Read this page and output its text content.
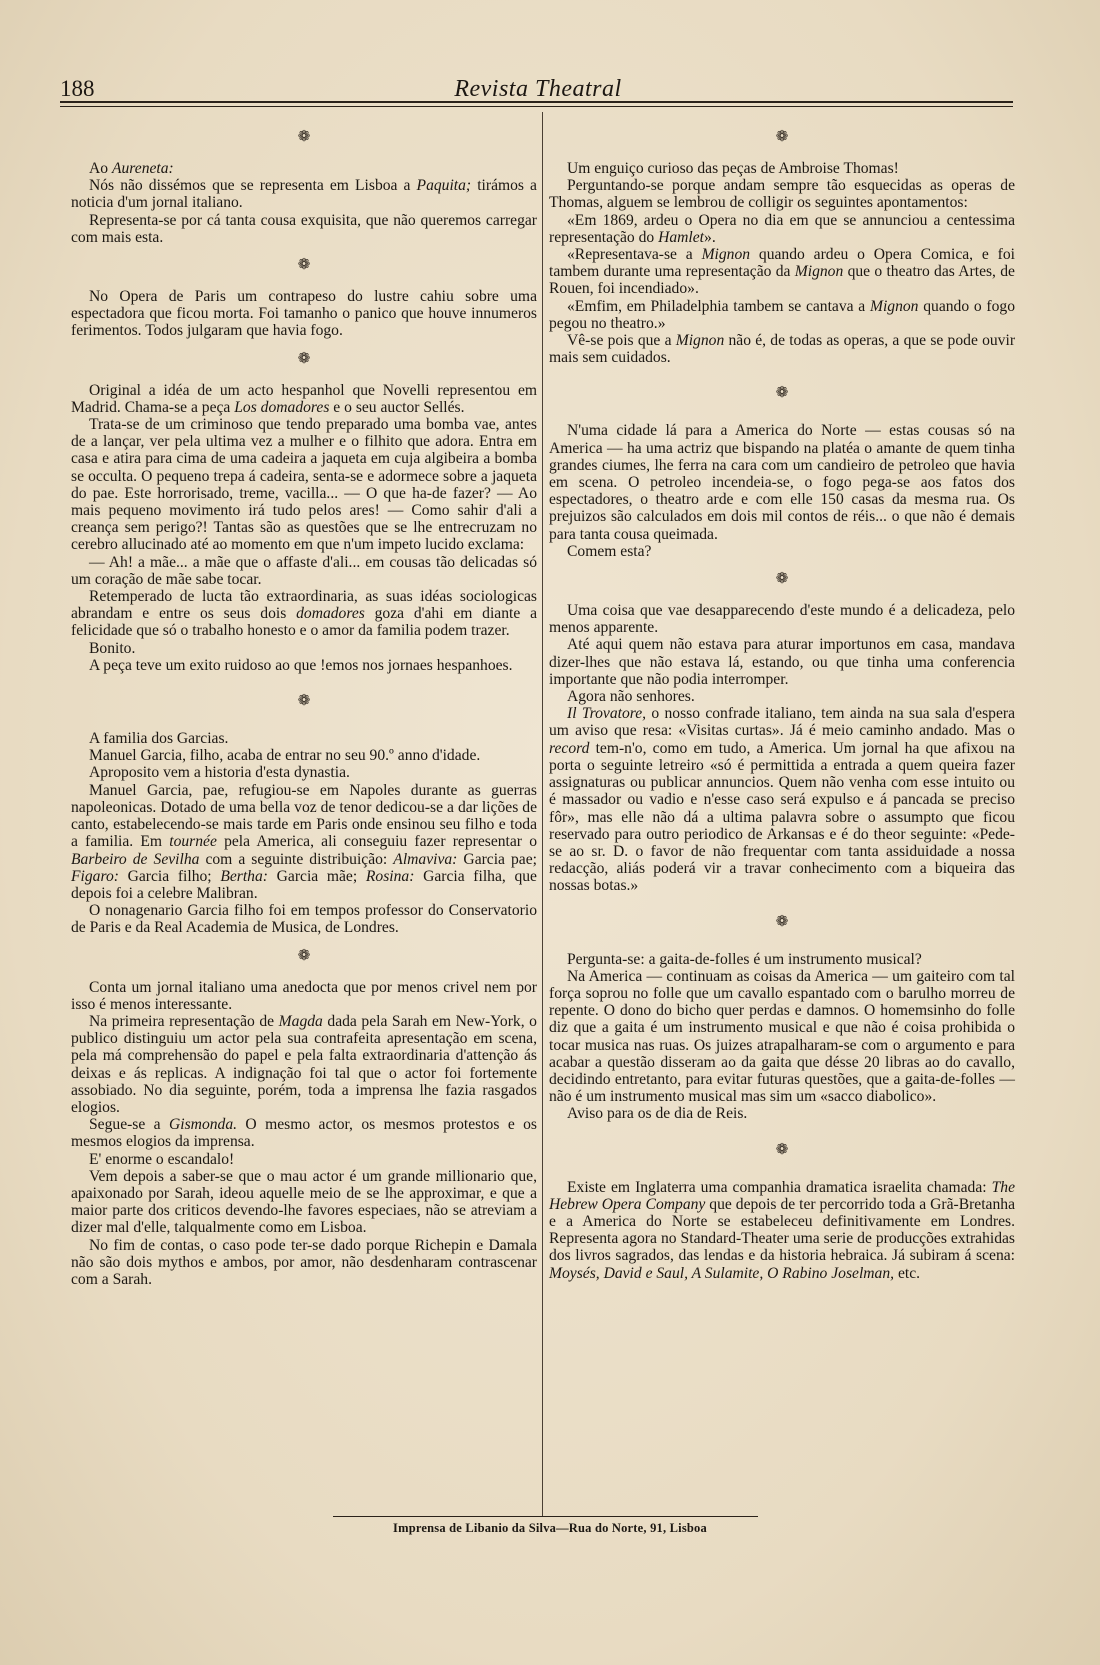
188	Revista Theatral
❁

Ao Aureneta:

Nós não dissémos que se representa em Lisboa a Paquita; tirámos a noticia d'um jornal italiano.

Representa-se por cá tanta cousa exquisita, que não queremos carregar com mais esta.

❁

No Opera de Paris um contrapeso do lustre cahiu sobre uma espectadora que ficou morta. Foi tamanho o panico que houve innumeros ferimentos. Todos julgaram que havia fogo.

❁

Original a idéa de um acto hespanhol que Novelli representou em Madrid. Chama-se a peça Los domadores e o seu auctor Sellés.

Trata-se de um criminoso que tendo preparado uma bomba vae, antes de a lançar, ver pela ultima vez a mulher e o filhito que adora. Entra em casa e atira para cima de uma cadeira a jaqueta em cuja algibeira a bomba se occulta. O pequeno trepa á cadeira, senta-se e adormece sobre a jaqueta do pae. Este horrorisado, treme, vacilla... — O que ha-de fazer? — Ao mais pequeno movimento irá tudo pelos ares! — Como sahir d'ali a creança sem perigo?! Tantas são as questões que se lhe entrecruzam no cerebro allucinado até ao momento em que n'um impeto lucido exclama:

— Ah! a mãe... a mãe que o affaste d'ali... em cousas tão delicadas só um coração de mãe sabe tocar.

Retemperado de lucta tão extraordinaria, as suas idéas sociologicas abrandam e entre os seus dois domadores goza d'ahi em diante a felicidade que só o trabalho honesto e o amor da familia podem trazer.

Bonito.

A peça teve um exito ruidoso ao que !emos nos jornaes hespanhoes.

❁

A familia dos Garcias.

Manuel Garcia, filho, acaba de entrar no seu 90.º anno d'idade.

Aproposito vem a historia d'esta dynastia.

Manuel Garcia, pae, refugiou-se em Napoles durante as guerras napoleonicas. Dotado de uma bella voz de tenor dedicou-se a dar lições de canto, estabelecendo-se mais tarde em Paris onde ensinou seu filho e toda a familia. Em tournée pela America, ali conseguiu fazer representar o Barbeiro de Sevilha com a seguinte distribuição: Almaviva: Garcia pae; Figaro: Garcia filho; Bertha: Garcia mãe; Rosina: Garcia filha, que depois foi a celebre Malibran.

O nonagenario Garcia filho foi em tempos professor do Conservatorio de Paris e da Real Academia de Musica, de Londres.

❁

Conta um jornal italiano uma anedocta que por menos crivel nem por isso é menos interessante.

Na primeira representação de Magda dada pela Sarah em New-York, o publico distinguiu um actor pela sua contrafeita apresentação em scena, pela má comprehensão do papel e pela falta extraordinaria d'attenção ás deixas e ás replicas. A indignação foi tal que o actor foi fortemente assobiado. No dia seguinte, porém, toda a imprensa lhe fazia rasgados elogios.

Segue-se a Gismonda. O mesmo actor, os mesmos protestos e os mesmos elogios da imprensa.

E' enorme o escandalo!

Vem depois a saber-se que o mau actor é um grande millionario que, apaixonado por Sarah, ideou aquelle meio de se lhe approximar, e que a maior parte dos criticos devendo-lhe favores especiaes, não se atreviam a dizer mal d'elle, talqualmente como em Lisboa.

No fim de contas, o caso pode ter-se dado porque Richepin e Damala não são dois mythos e ambos, por amor, não desdenharam contrascenar com a Sarah.

❁

Um enguiço curioso das peças de Ambroise Thomas!

Perguntando-se porque andam sempre tão esquecidas as operas de Thomas, alguem se lembrou de colligir os seguintes apontamentos:

«Em 1869, ardeu o Opera no dia em que se annunciou a centessima representação do Hamlet».

«Representava-se a Mignon quando ardeu o Opera Comica, e foi tambem durante uma representação da Mignon que o theatro das Artes, de Rouen, foi incendiado».

«Emfim, em Philadelphia tambem se cantava a Mignon quando o fogo pegou no theatro.»

Vê-se pois que a Mignon não é, de todas as operas, a que se pode ouvir mais sem cuidados.

❁

N'uma cidade lá para a America do Norte — estas cousas só na America — ha uma actriz que bispando na platéa o amante de quem tinha grandes ciumes, lhe ferra na cara com um candieiro de petroleo que havia em scena. O petroleo incendeia-se, o fogo pega-se aos fatos dos espectadores, o theatro arde e com elle 150 casas da mesma rua. Os prejuizos são calculados em dois mil contos de réis... o que não é demais para tanta cousa queimada.

Comem esta?

❁

Uma coisa que vae desapparecendo d'este mundo é a delicadeza, pelo menos apparente.

Até aqui quem não estava para aturar importunos em casa, mandava dizer-lhes que não estava lá, estando, ou que tinha uma conferencia importante que não podia interromper.

Agora não senhores.

Il Trovatore, o nosso confrade italiano, tem ainda na sua sala d'espera um aviso que resa: «Visitas curtas». Já é meio caminho andado. Mas o record tem-n'o, como em tudo, a America. Um jornal ha que afixou na porta o seguinte letreiro «só é permittida a entrada a quem queira fazer assignaturas ou publicar annuncios. Quem não venha com esse intuito ou é massador ou vadio e n'esse caso será expulso e á pancada se preciso fôr», mas elle não dá a ultima palavra sobre o assumpto que ficou reservado para outro periodico de Arkansas e é do theor seguinte: «Pede-se ao sr. D. o favor de não frequentar com tanta assiduidade a nossa redacção, aliás poderá vir a travar conhecimento com a biqueira das nossas botas.»

❁

Pergunta-se: a gaita-de-folles é um instrumento musical?

Na America — continuam as coisas da America — um gaiteiro com tal força soprou no folle que um cavallo espantado com o barulho morreu de repente. O dono do bicho quer perdas e damnos. O homemsinho do folle diz que a gaita é um instrumento musical e que não é coisa prohibida o tocar musica nas ruas. Os juizes atrapalharam-se com o argumento e para acabar a questão disseram ao da gaita que désse 20 libras ao do cavallo, decidindo entretanto, para evitar futuras questões, que a gaita-de-folles — não é um instrumento musical mas sim um «sacco diabolico».

Aviso para os de dia de Reis.

❁

Existe em Inglaterra uma companhia dramatica israelita chamada: The Hebrew Opera Company que depois de ter percorrido toda a Grã-Bretanha e a America do Norte se estabeleceu definitivamente em Londres. Representa agora no Standard-Theater uma serie de producções extrahidas dos livros sagrados, das lendas e da historia hebraica. Já subiram á scena: Moysés, David e Saul, A Sulamite, O Rabino Joselman, etc.

Imprensa de Libanio da Silva—Rua do Norte, 91, Lisboa
